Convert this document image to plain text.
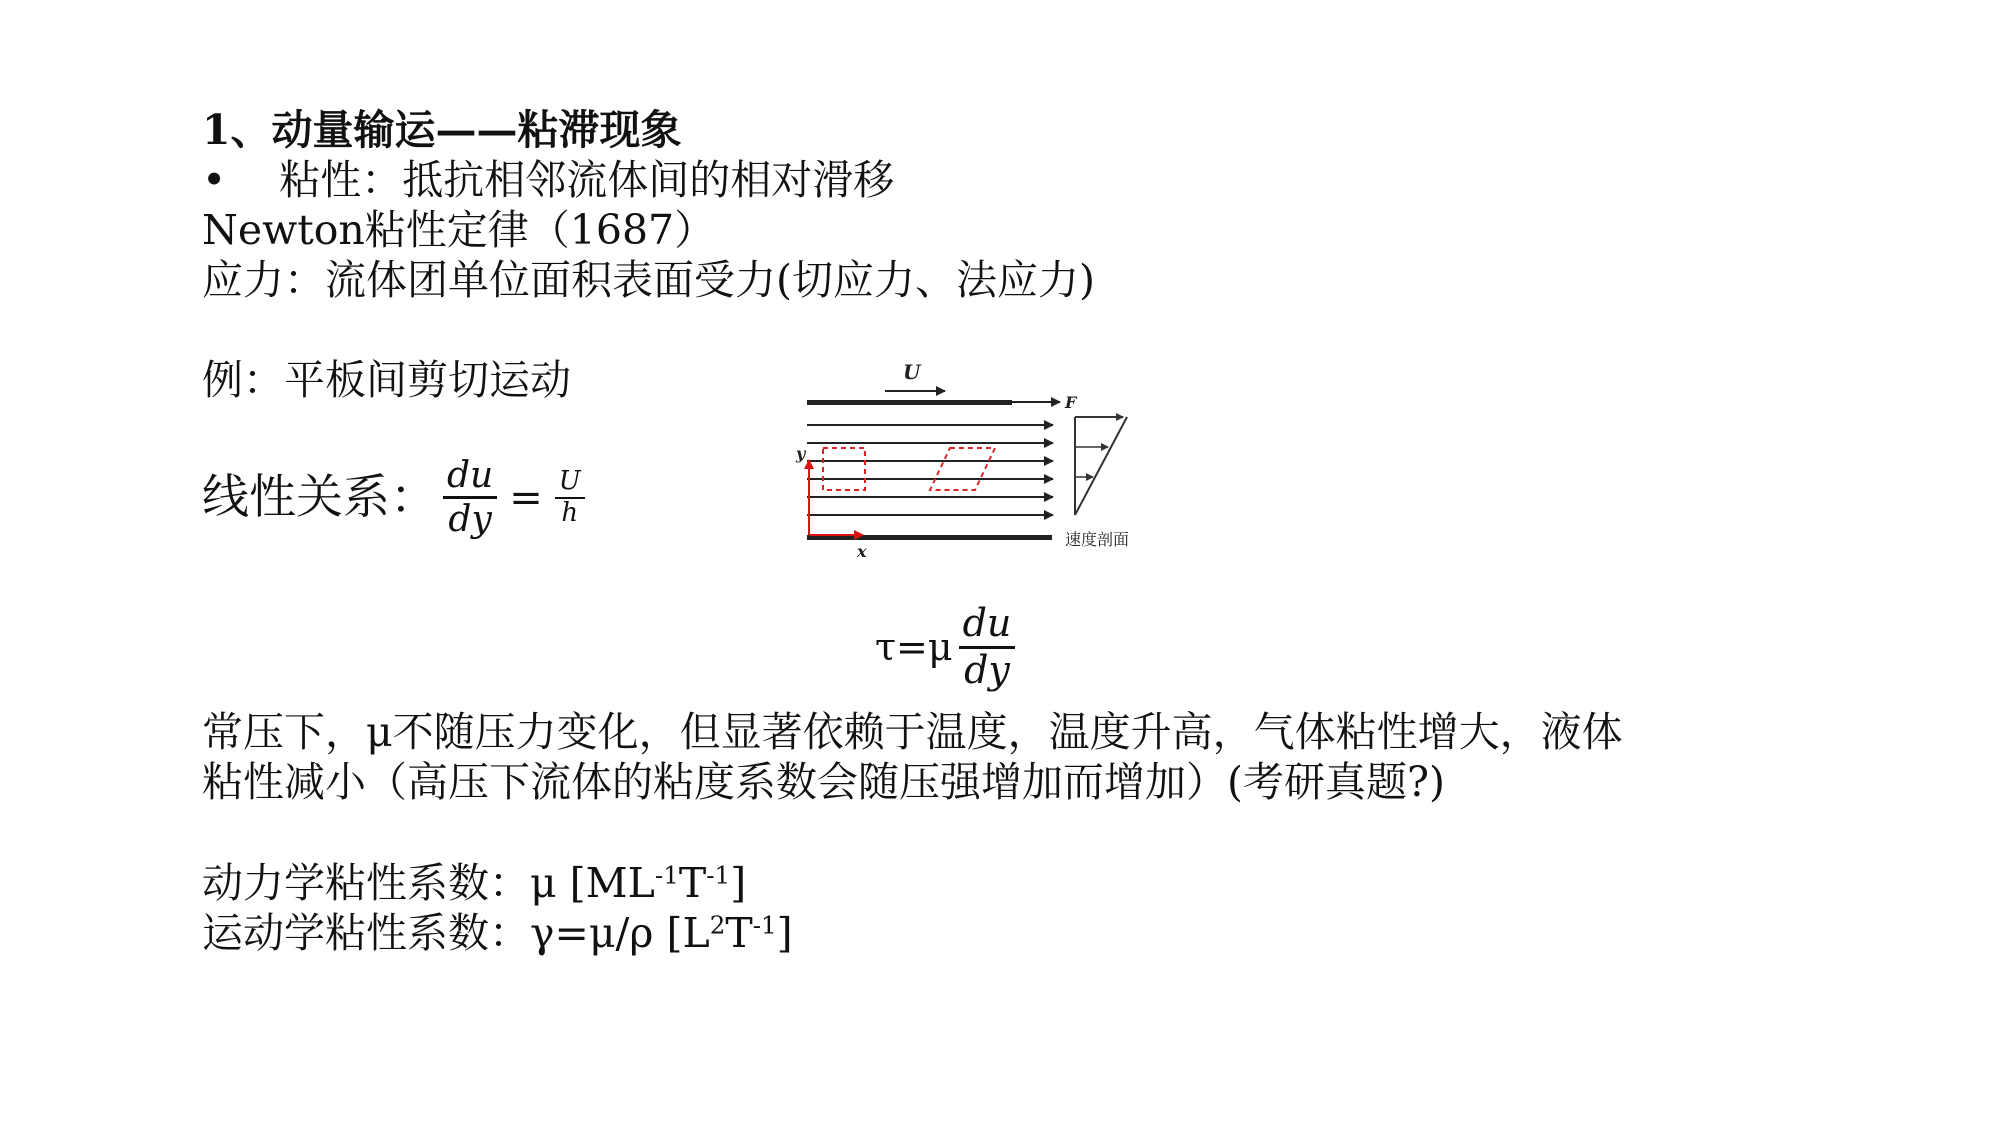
1、动量输运——粘滞现象
• 粘性：抵抗相邻流体间的相对滑移
Newton粘性定律（1687）
应力：流体团单位面积表面受力(切应力、法应力)
例：平板间剪切运动
线性关系： $\frac{du}{dy} = \frac{U}{h}$
U
F
y
x
速度剖面
$\tau=\mu \frac{du}{dy}$
常压下，μ不随压力变化，但显著依赖于温度，温度升高，气体粘性增大，液体
粘性减小（高压下流体的粘度系数会随压强增加而增加）(考研真题?)
动力学粘性系数：μ $[ML^{-1}T^{-1}]$
运动学粘性系数：γ=μ/ρ $[L^2T^{-1}]$
